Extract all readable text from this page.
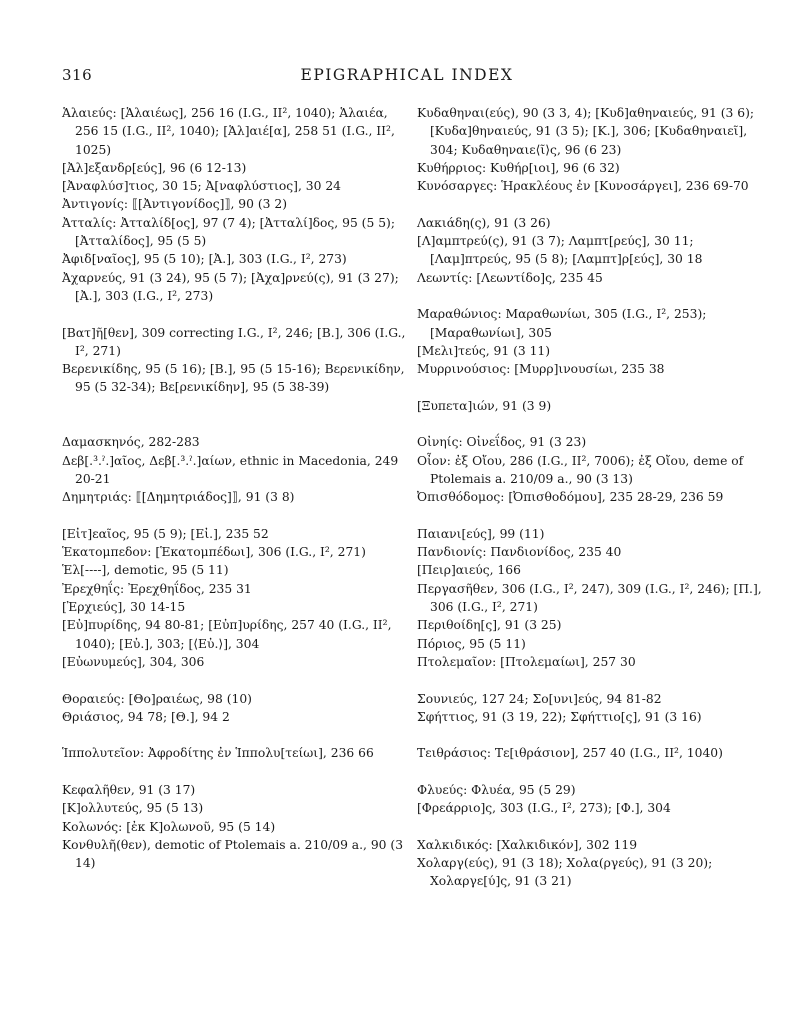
316	EPIGRAPHICAL INDEX

Ἁλαιεύς: [Ἁλαιέως], 256 16 (I.G., II², 1040); Ἁλαιέα, 256 15 (I.G., II², 1040); [Ἁλ]αιέ[α], 258 51 (I.G., II², 1025)

[Ἀλ]εξανδρ[εύς], 96 (6 12-13)

[Ἀναφλύσ]τιος, 30 15; Ἀ[ναφλύστιος], 30 24

Ἀντιγονίς: ⟦[Ἀντιγονίδος]⟧, 90 (3 2)

Ἀτταλίς: Ἀτταλίδ[ος], 97 (7 4); [Ἀτταλί]δος, 95 (5 5); [Ἀτταλίδος], 95 (5 5)

Ἀφιδ[ναῖος], 95 (5 10); [Ἀ.], 303 (I.G., I², 273)

Ἀχαρνεύς, 91 (3 24), 95 (5 7); [Ἀχα]ρνεύ(ς), 91 (3 27); [Ἀ.], 303 (I.G., I², 273)

[Βατ]ῆ[θεν], 309 correcting I.G., I², 246; [Β.], 306 (I.G., I², 271)

Βερενικίδης, 95 (5 16); [Β.], 95 (5 15-16); Βερενικίδην, 95 (5 32-34); Βε[ρενικίδην], 95 (5 38-39)

Δαμασκηνός, 282-283

Δεβ[.³.ˀ.]αῖος, Δεβ[.³.ˀ.]αίων, ethnic in Macedonia, 249 20-21

Δημητριάς: ⟦[Δημητριάδος]⟧, 91 (3 8)

[Εἰτ]εαῖος, 95 (5 9); [Εἰ.], 235 52

Ἑκατομπεδον: [Ἑκατομπέδωι], 306 (I.G., I², 271)

Ἑλ[----], demotic, 95 (5 11)

Ἐρεχθηΐς: Ἐρεχθηΐδος, 235 31

[Ἐρχιεύς], 30 14-15

[Εὐ]πυρίδης, 94 80-81; [Εὐπ]υρίδης, 257 40 (I.G., II², 1040); [Εὐ.], 303; [⟨Εὐ.⟩], 304

[Εὐωνυμεύς], 304, 306

Θοραιεύς: [Θο]ραιέως, 98 (10)

Θριάσιος, 94 78; [Θ.], 94 2

Ἱππολυτεῖον: Ἀφροδίτης ἐν Ἱππολυ[τείωι], 236 66

Κεφαλῆθεν, 91 (3 17)

[Κ]ολλυτεύς, 95 (5 13)

Κολωνός: [ἐκ Κ]ολωνοῦ, 95 (5 14)

Κονθυλῆ(θεν), demotic of Ptolemais a. 210/09 a., 90 (3 14)

Κυδαθηναι(εύς), 90 (3 3, 4); [Κυδ]αθηναιεύς, 91 (3 6); [Κυδα]θηναιεύς, 91 (3 5); [Κ.], 306; [Κυδαθηναιεῖ], 304; Κυδαθηναιε⟨ῖ⟩ς, 96 (6 23)

Κυθήρριος: Κυθήρ[ιοι], 96 (6 32)

Κυνόσαργες: Ἡρακλέους ἐν [Κυνοσάργει], 236 69-70

Λακιάδη(ς), 91 (3 26)

[Λ]αμπτρεύ(ς), 91 (3 7); Λαμπτ[ρεύς], 30 11; [Λαμ]πτρεύς, 95 (5 8); [Λαμπτ]ρ[εύς], 30 18

Λεωντίς: [Λεωντίδο]ς, 235 45

Μαραθώνιος: Μαραθωνίωι, 305 (I.G., I², 253); [Μαραθωνίωι], 305

[Μελι]τεύς, 91 (3 11)

Μυρρινούσιος: [Μυρρ]ινουσίωι, 235 38

[Ξυπετα]ιών, 91 (3 9)

Οἰνηίς: Οἰνεΐδος, 91 (3 23)

Οἶον: ἐξ Οἴου, 286 (I.G., II², 7006); ἐξ Οἴου, deme of Ptolemais a. 210/09 a., 90 (3 13)

Ὀπισθόδομος: [Ὀπισθοδόμου], 235 28-29, 236 59

Παιανι[εύς], 99 (11)

Πανδιονίς: Πανδιονίδος, 235 40

[Πειρ]αιεύς, 166

Περγασῆθεν, 306 (I.G., I², 247), 309 (I.G., I², 246); [Π.], 306 (I.G., I², 271)

Περιθοίδη[ς], 91 (3 25)

Πόριος, 95 (5 11)

Πτολεμαῖον: [Πτολεμαίωι], 257 30

Σουνιεύς, 127 24; Σο[υνι]εύς, 94 81-82

Σφήττιος, 91 (3 19, 22); Σφήττιο[ς], 91 (3 16)

Τειθράσιος: Τε[ιθράσιον], 257 40 (I.G., II², 1040)

Φλυεύς: Φλυέα, 95 (5 29)

[Φρεάρριο]ς, 303 (I.G., I², 273); [Φ.], 304

Χαλκιδικός: [Χαλκιδικόν], 302 119

Χολαργ(εύς), 91 (3 18); Χολα(ργεύς), 91 (3 20); Χολαργε[ύ]ς, 91 (3 21)
